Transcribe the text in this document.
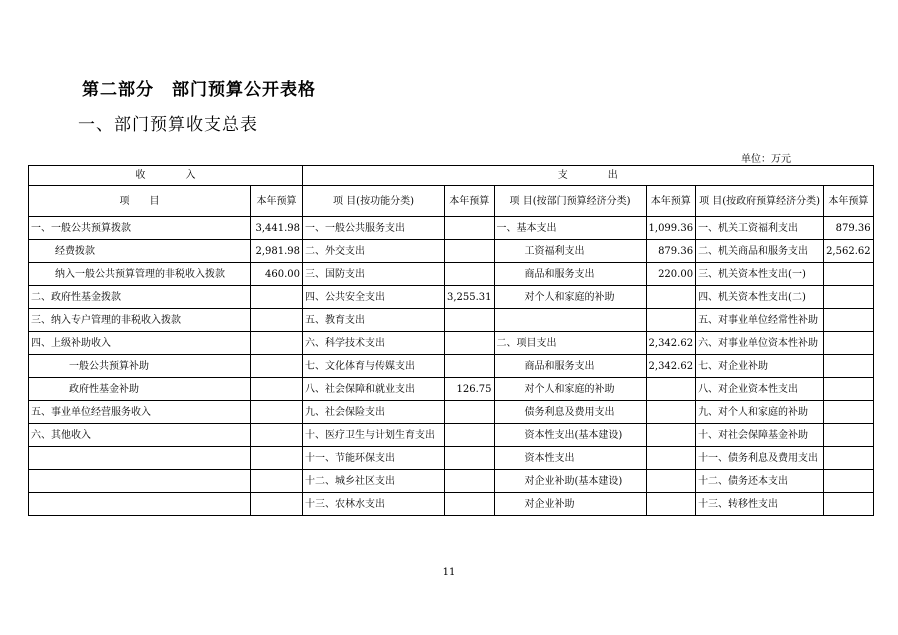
第二部分　部门预算公开表格
一、部门预算收支总表
单位：万元
收　　　　入		支　　　　出					
项　　目	本年预算	项 目(按功能分类)	本年预算	项 目(按部门预算经济分类)	本年预算	项 目(按政府预算经济分类)	本年预算
一、一般公共预算拨款	3,441.98	一、一般公共服务支出		一、基本支出	1,099.36	一、机关工资福利支出	879.36
经费拨款	2,981.98	二、外交支出		工资福利支出	879.36	二、机关商品和服务支出	2,562.62
纳入一般公共预算管理的非税收入拨款	460.00	三、国防支出		商品和服务支出	220.00	三、机关资本性支出(一)	
二、政府性基金拨款		四、公共安全支出	3,255.31	对个人和家庭的补助		四、机关资本性支出(二)	
三、纳入专户管理的非税收入拨款		五、教育支出				五、对事业单位经常性补助	
四、上级补助收入		六、科学技术支出		二、项目支出	2,342.62	六、对事业单位资本性补助	
一般公共预算补助		七、文化体育与传媒支出		商品和服务支出	2,342.62	七、对企业补助	
政府性基金补助		八、社会保障和就业支出	126.75	对个人和家庭的补助		八、对企业资本性支出	
五、事业单位经营服务收入		九、社会保险支出		债务利息及费用支出		九、对个人和家庭的补助	
六、其他收入		十、医疗卫生与计划生育支出		资本性支出(基本建设)		十、对社会保障基金补助	
		十一、节能环保支出		资本性支出		十一、债务利息及费用支出	
		十二、城乡社区支出		对企业补助(基本建设)		十二、债务还本支出	
		十三、农林水支出		对企业补助		十三、转移性支出	
11
